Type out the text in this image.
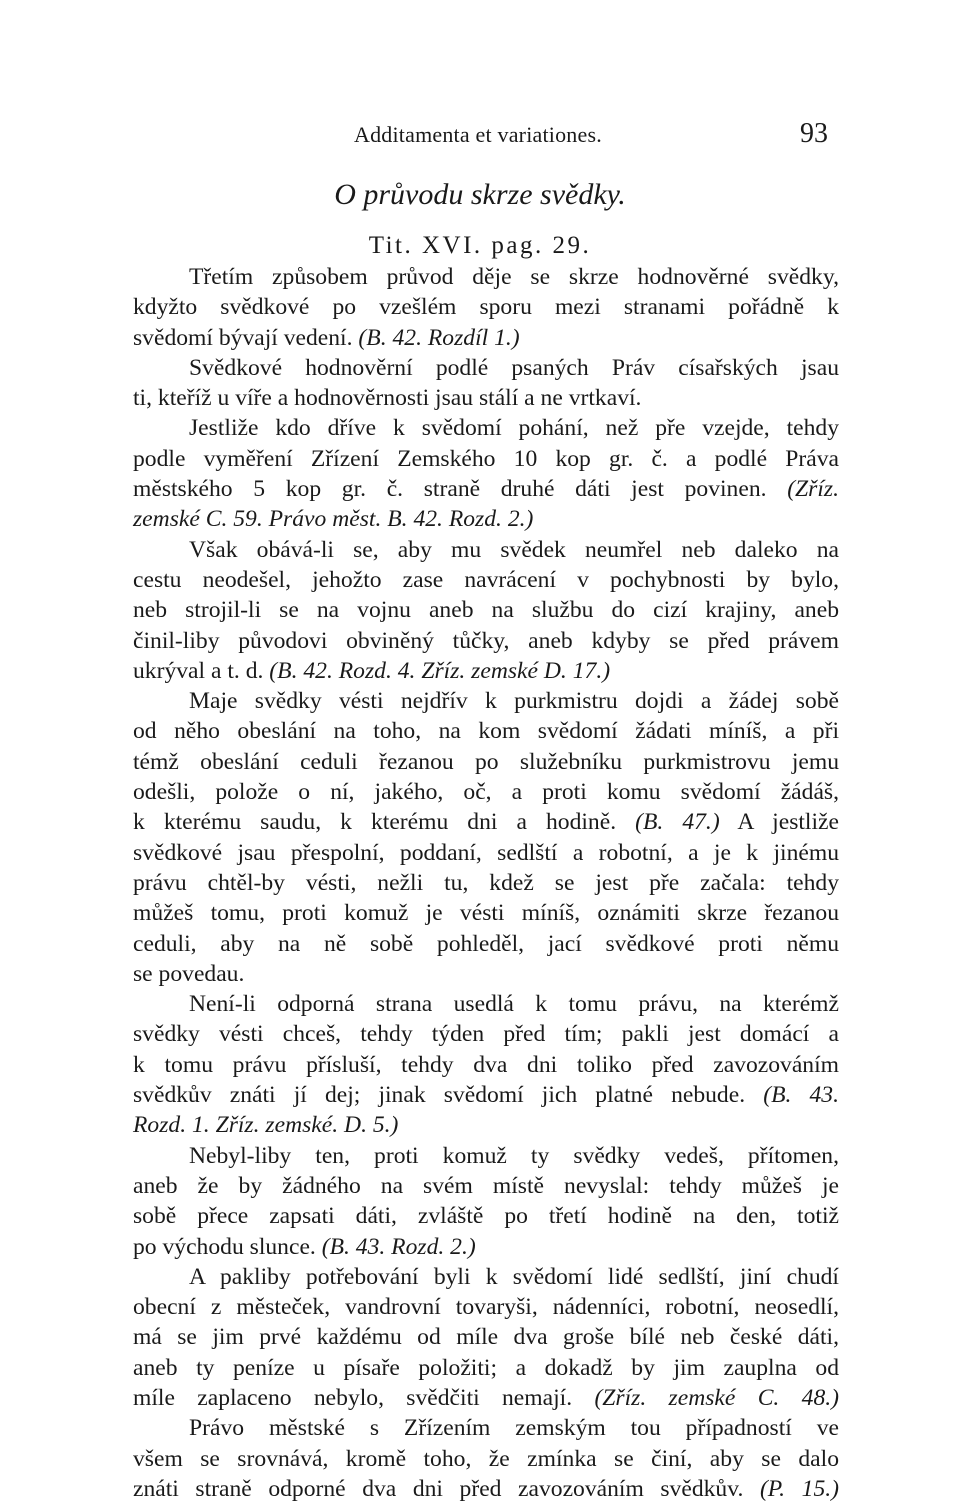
Additamenta et variationes.	93
O průvodu skrze svědky.
Tit. XVI. pag. 29.
Třetím způsobem průvod děje se skrze hodnověrné svědky,
kdyžto svědkové po vzešlém sporu mezi stranami pořádně k
svědomí bývají vedení. (B. 42. Rozdíl 1.)
Svědkové hodnověrní podlé psaných Práv císařských jsau
ti, kteříž u víře a hodnověrnosti jsau stálí a ne vrtkaví.
Jestliže kdo dříve k svědomí pohání, než pře vzejde, tehdy
podle vyměření Zřízení Zemského 10 kop gr. č. a podlé Práva
městského 5 kop gr. č. straně druhé dáti jest povinen. (Zříz.
zemské C. 59. Právo měst. B. 42. Rozd. 2.)
Však obává-li se, aby mu svědek neumřel neb daleko na
cestu neodešel, jehožto zase navrácení v pochybnosti by bylo,
neb strojil-li se na vojnu aneb na službu do cizí krajiny, aneb
činil-liby původovi obviněný tůčky, aneb kdyby se před právem
ukrýval a t. d. (B. 42. Rozd. 4. Zříz. zemské D. 17.)
Maje svědky vésti nejdřív k purkmistru dojdi a žádej sobě
od něho obeslání na toho, na kom svědomí žádati míníš, a při
témž obeslání ceduli řezanou po služebníku purkmistrovu jemu
odešli, polože o ní, jakého, oč, a proti komu svědomí žádáš,
k kterému saudu, k kterému dni a hodině. (B. 47.) A jestliže
svědkové jsau přespolní, poddaní, sedlští a robotní, a je k jinému
právu chtěl-by vésti, nežli tu, kdež se jest pře začala: tehdy
můžeš tomu, proti komuž je vésti míníš, oznámiti skrze řezanou
ceduli, aby na ně sobě pohleděl, jací svědkové proti němu
se povedau.
Není-li odporná strana usedlá k tomu právu, na kterémž
svědky vésti chceš, tehdy týden před tím; pakli jest domácí a
k tomu právu přísluší, tehdy dva dni toliko před zavozováním
svědkův znáti jí dej; jinak svědomí jich platné nebude. (B. 43.
Rozd. 1. Zříz. zemské. D. 5.)
Nebyl-liby ten, proti komuž ty svědky vedeš, přítomen,
aneb že by žádného na svém místě nevyslal: tehdy můžeš je
sobě přece zapsati dáti, zvláště po třetí hodině na den, totiž
po východu slunce. (B. 43. Rozd. 2.)
A pakliby potřebování byli k svědomí lidé sedlští, jiní chudí
obecní z městeček, vandrovní tovaryši, nádenníci, robotní, neosedlí,
má se jim prvé každému od míle dva groše bílé neb české dáti,
aneb ty peníze u písaře položiti; a dokadž by jim zauplna od
míle zaplaceno nebylo, svědčiti nemají. (Zříz. zemské C. 48.)
Právo městské s Zřízením zemským tou případností ve
všem se srovnává, kromě toho, že zmínka se činí, aby se dalo
znáti straně odporné dva dni před zavozováním svědkův. (P. 15.)
